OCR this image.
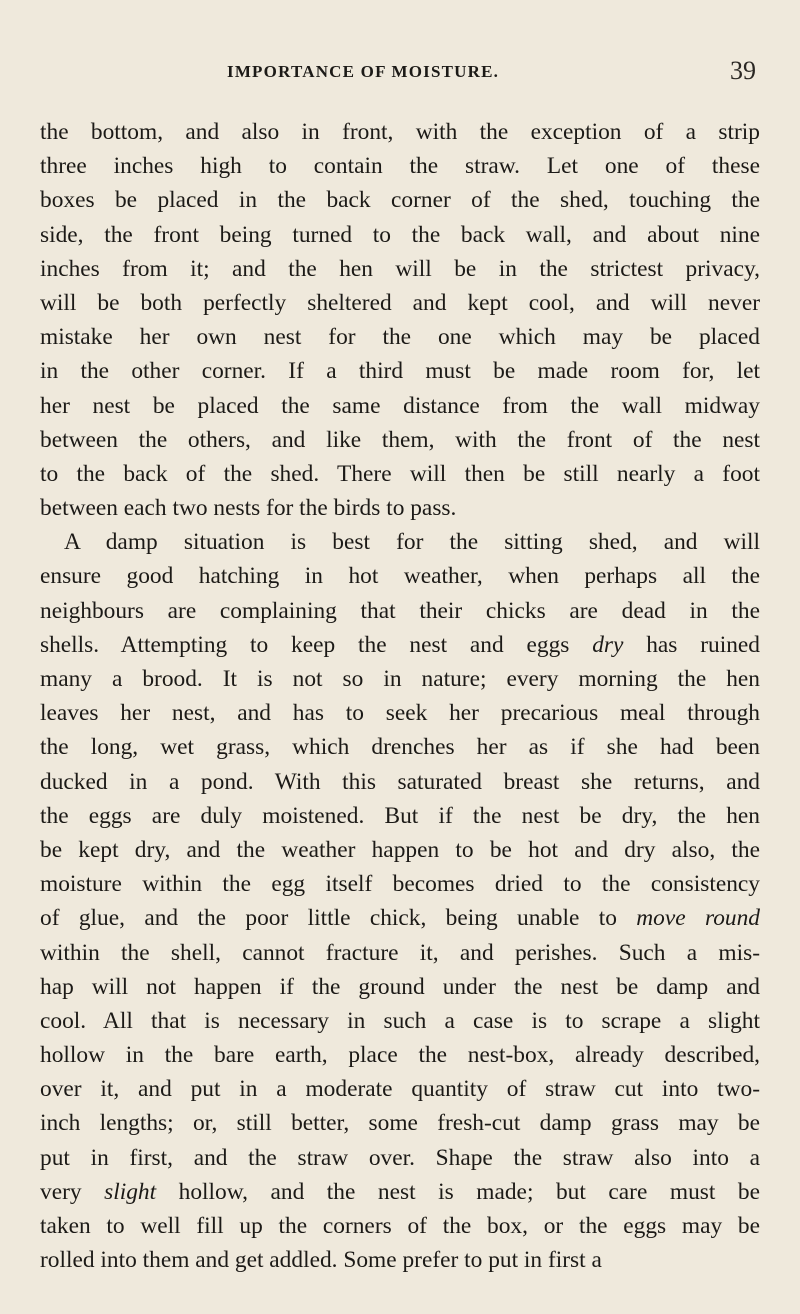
IMPORTANCE OF MOISTURE.	39

the bottom, and also in front, with the exception of a strip
three inches high to contain the straw. Let one of these
boxes be placed in the back corner of the shed, touching the
side, the front being turned to the back wall, and about nine
inches from it; and the hen will be in the strictest privacy,
will be both perfectly sheltered and kept cool, and will never
mistake her own nest for the one which may be placed
in the other corner. If a third must be made room for, let
her nest be placed the same distance from the wall midway
between the others, and like them, with the front of the nest
to the back of the shed. There will then be still nearly a foot
between each two nests for the birds to pass.

A damp situation is best for the sitting shed, and will
ensure good hatching in hot weather, when perhaps all the
neighbours are complaining that their chicks are dead in the
shells. Attempting to keep the nest and eggs dry has ruined
many a brood. It is not so in nature; every morning the hen
leaves her nest, and has to seek her precarious meal through
the long, wet grass, which drenches her as if she had been
ducked in a pond. With this saturated breast she returns, and
the eggs are duly moistened. But if the nest be dry, the hen
be kept dry, and the weather happen to be hot and dry also, the
moisture within the egg itself becomes dried to the consistency
of glue, and the poor little chick, being unable to move round
within the shell, cannot fracture it, and perishes. Such a mis-
hap will not happen if the ground under the nest be damp and
cool. All that is necessary in such a case is to scrape a slight
hollow in the bare earth, place the nest-box, already described,
over it, and put in a moderate quantity of straw cut into two-
inch lengths; or, still better, some fresh-cut damp grass may be
put in first, and the straw over. Shape the straw also into a
very slight hollow, and the nest is made; but care must be
taken to well fill up the corners of the box, or the eggs may be
rolled into them and get addled. Some prefer to put in first a
